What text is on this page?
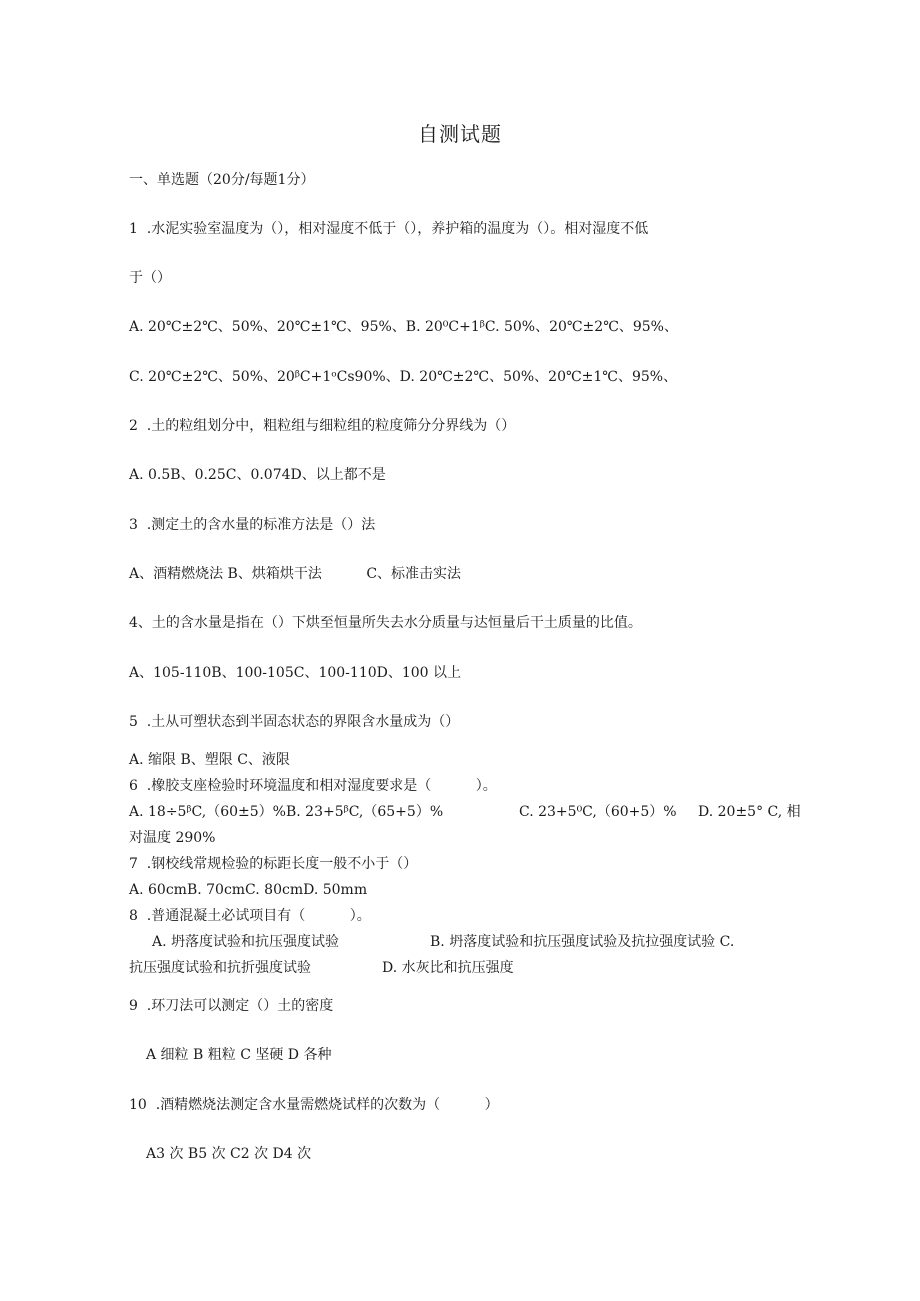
自测试题

一、单选题（20分/每题1分）

1  .水泥实验室温度为（），相对湿度不低于（），养护箱的温度为（）。相对湿度不低

于（）

A. 20℃±2℃、50%、20℃±1℃、95%、B. 20⁰C+1ᵝC. 50%、20℃±2℃、95%、

C. 20℃±2℃、50%、20ᵝC+1ᵒCs90%、D. 20℃±2℃、50%、20℃±1℃、95%、

2  .土的粒组划分中，粗粒组与细粒组的粒度筛分分界线为（）

A. 0.5B、0.25C、0.074D、以上都不是

3  .测定土的含水量的标准方法是（）法

A、酒精燃烧法 B、烘箱烘干法          C、标准击实法

4、土的含水量是指在（）下烘至恒量所失去水分质量与达恒量后干土质量的比值。

A、105-110B、100-105C、100-110D、100 以上

5  .土从可塑状态到半固态状态的界限含水量成为（）

A. 缩限 B、塑限 C、液限

6  .橡胶支座检验时环境温度和相对湿度要求是（          ）。

A. 18÷5ᵝC,（60±5）%B. 23+5ᵝC,（65+5）%	C. 23+5⁰C,（60+5）% D. 20±5° C, 相

对温度 290%

7  .钢校线常规检验的标距长度一般不小于（）

A. 60cmB. 70cmC. 80cmD. 50mm

8  .普通混凝土必试项目有（          ）。

A. 坍落度试验和抗压强度试验	B. 坍落度试验和抗压强度试验及抗拉强度试验 C.

抗压强度试验和抗折强度试验	D. 水灰比和抗压强度

9  .环刀法可以测定（）土的密度

A 细粒 B 粗粒 C 坚硬 D 各种

10  .酒精燃烧法测定含水量需燃烧试样的次数为（          ）

A3 次 B5 次 C2 次 D4 次
